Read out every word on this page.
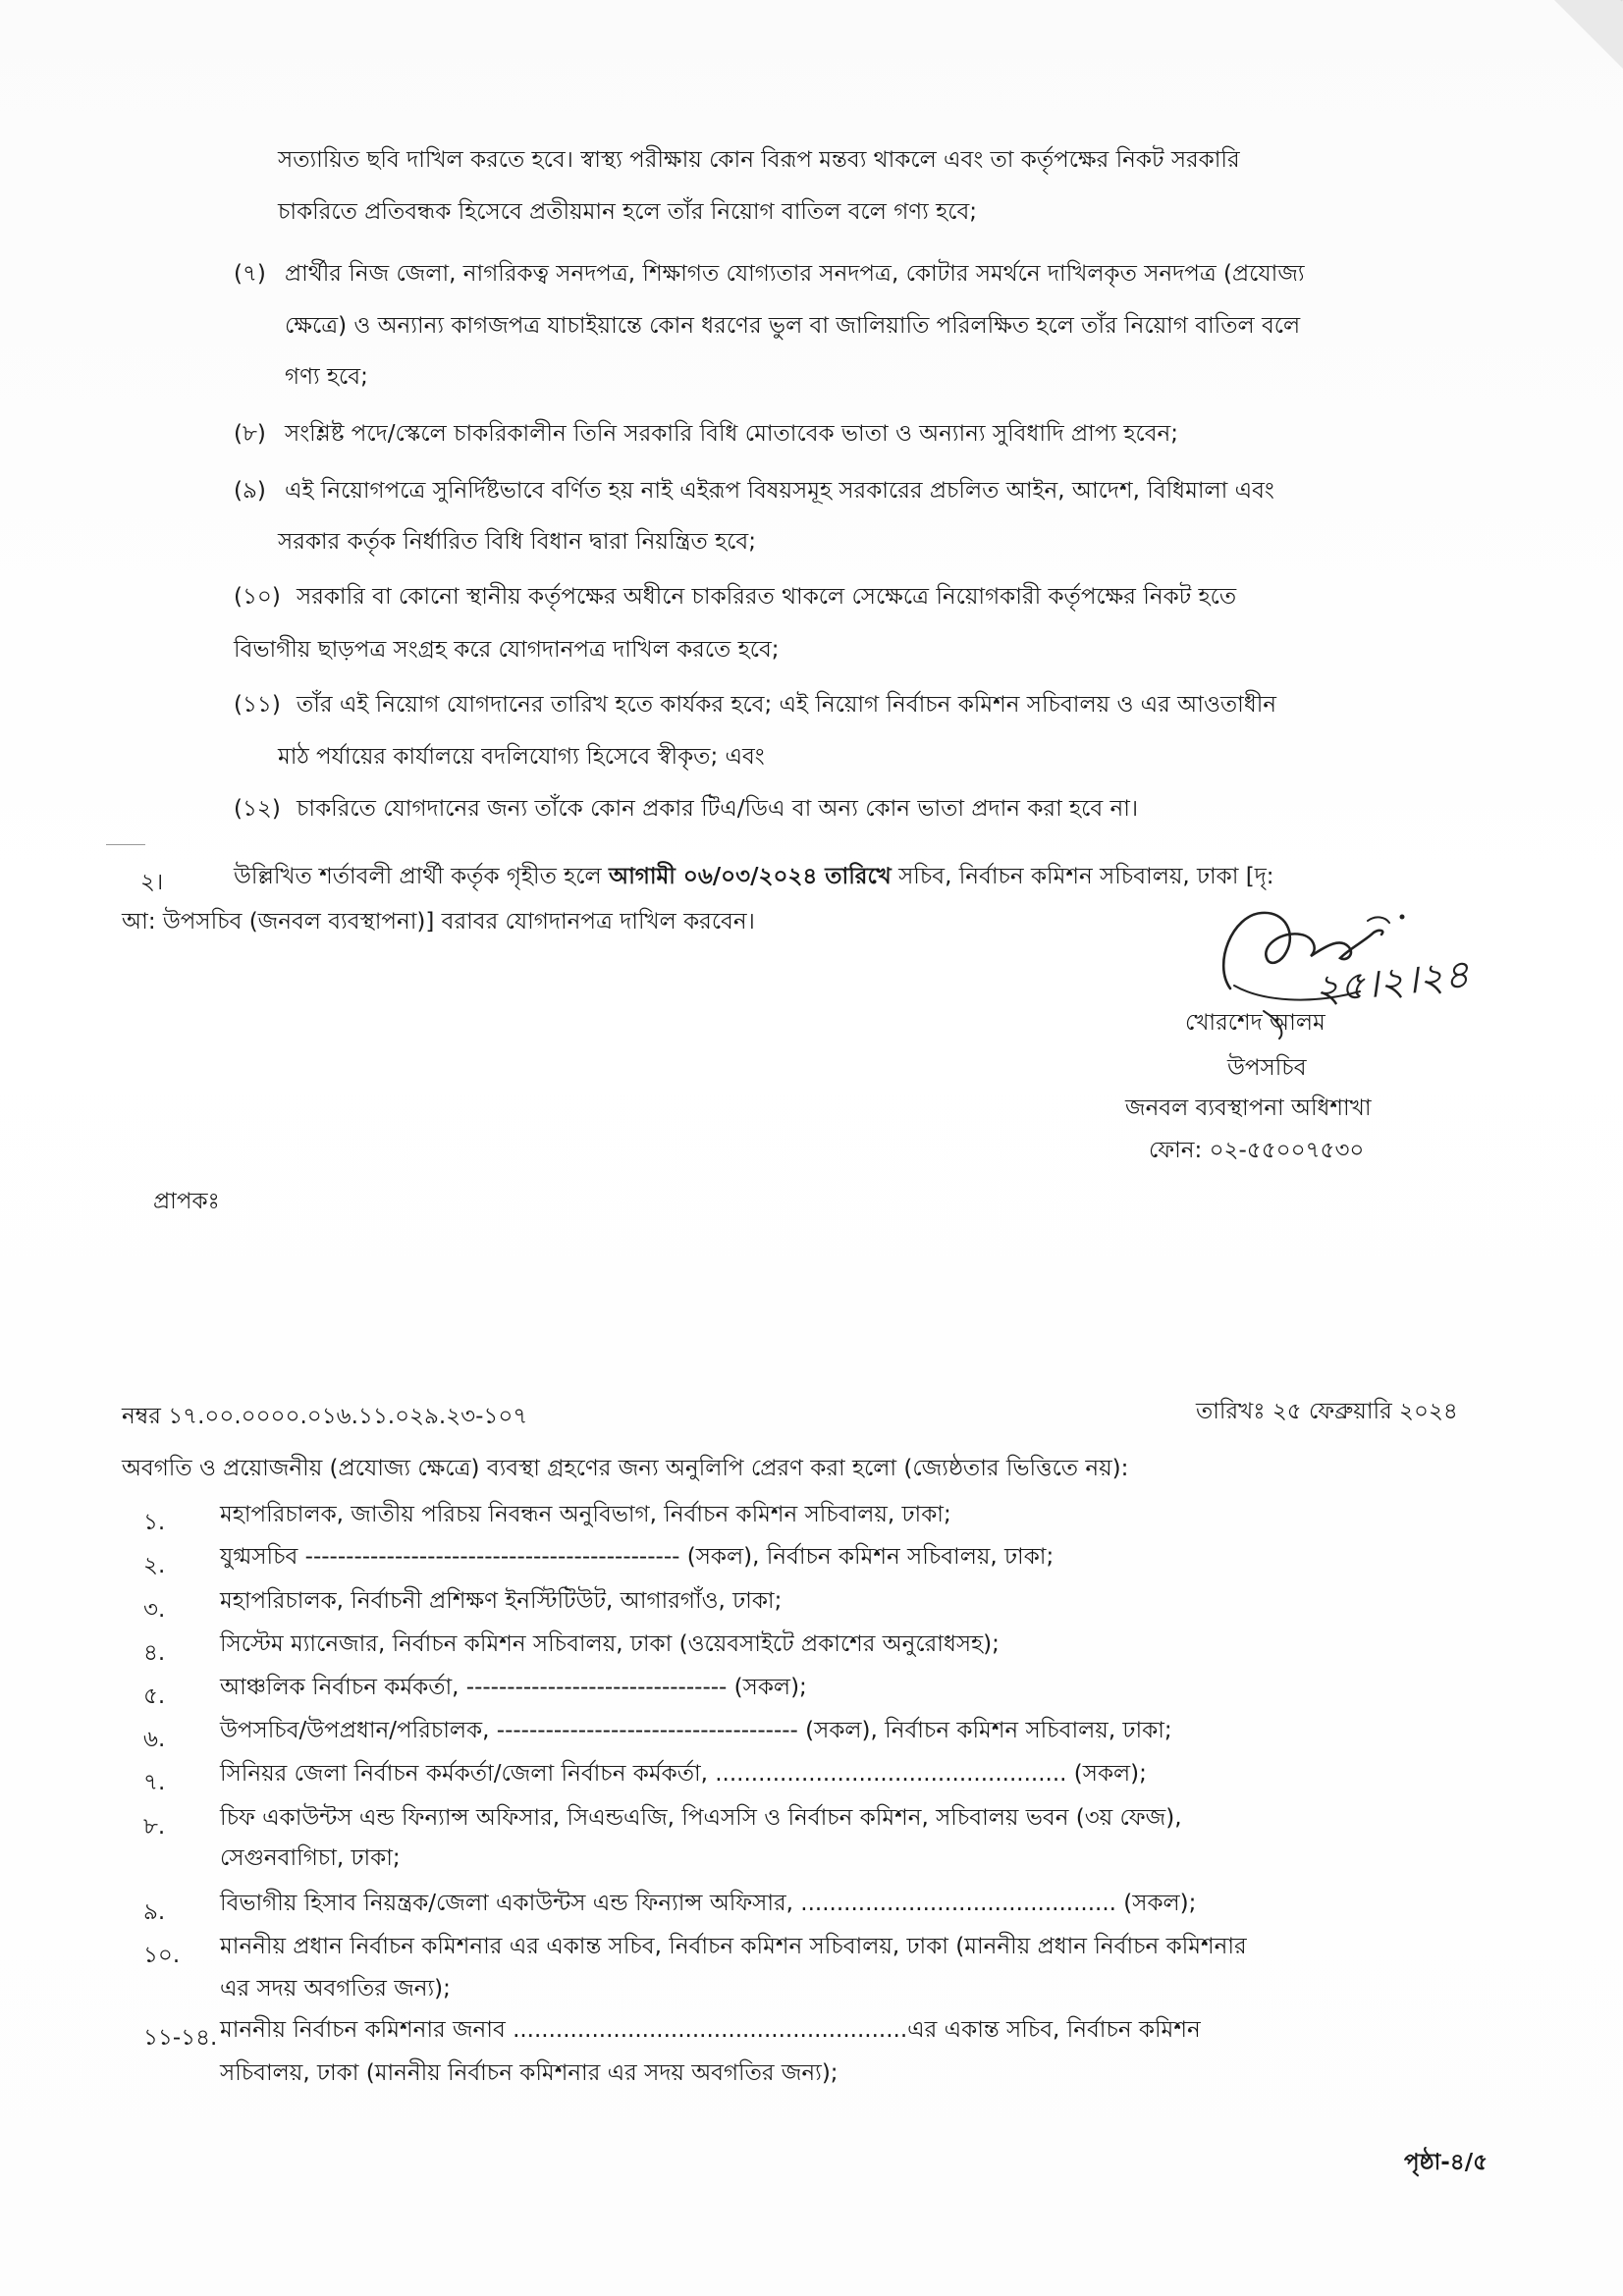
সত্যায়িত ছবি দাখিল করতে হবে। স্বাস্থ্য পরীক্ষায় কোন বিরূপ মন্তব্য থাকলে এবং তা কর্তৃপক্ষের নিকট সরকারি
চাকরিতে প্রতিবন্ধক হিসেবে প্রতীয়মান হলে তাঁর নিয়োগ বাতিল বলে গণ্য হবে;
(৭) প্রার্থীর নিজ জেলা, নাগরিকত্ব সনদপত্র, শিক্ষাগত যোগ্যতার সনদপত্র, কোটার সমর্থনে দাখিলকৃত সনদপত্র (প্রযোজ্য
ক্ষেত্রে) ও অন্যান্য কাগজপত্র যাচাইয়ান্তে কোন ধরণের ভুল বা জালিয়াতি পরিলক্ষিত হলে তাঁর নিয়োগ বাতিল বলে
গণ্য হবে;
(৮) সংশ্লিষ্ট পদে/স্কেলে চাকরিকালীন তিনি সরকারি বিধি মোতাবেক ভাতা ও অন্যান্য সুবিধাদি প্রাপ্য হবেন;
(৯) এই নিয়োগপত্রে সুনির্দিষ্টভাবে বর্ণিত হয় নাই এইরূপ বিষয়সমূহ সরকারের প্রচলিত আইন, আদেশ, বিধিমালা এবং
সরকার কর্তৃক নির্ধারিত বিধি বিধান দ্বারা নিয়ন্ত্রিত হবে;
(১০) সরকারি বা কোনো স্থানীয় কর্তৃপক্ষের অধীনে চাকরিরত থাকলে সেক্ষেত্রে নিয়োগকারী কর্তৃপক্ষের নিকট হতে
বিভাগীয় ছাড়পত্র সংগ্রহ করে যোগদানপত্র দাখিল করতে হবে;
(১১) তাঁর এই নিয়োগ যোগদানের তারিখ হতে কার্যকর হবে; এই নিয়োগ নির্বাচন কমিশন সচিবালয় ও এর আওতাধীন
মাঠ পর্যায়ের কার্যালয়ে বদলিযোগ্য হিসেবে স্বীকৃত; এবং
(১২) চাকরিতে যোগদানের জন্য তাঁকে কোন প্রকার টিএ/ডিএ বা অন্য কোন ভাতা প্রদান করা হবে না।
২।	উল্লিখিত শর্তাবলী প্রার্থী কর্তৃক গৃহীত হলে আগামী ০৬/০৩/২০২৪ তারিখে সচিব, নির্বাচন কমিশন সচিবালয়, ঢাকা [দৃ:
আ: উপসচিব (জনবল ব্যবস্থাপনা)] বরাবর যোগদানপত্র দাখিল করবেন।
২৫।২।২৪
খোরশেদ আলম
উপসচিব
জনবল ব্যবস্থাপনা অধিশাখা
ফোন: ০২-৫৫০০৭৫৩০
প্রাপকঃ
নম্বর ১৭.০০.০০০০.০১৬.১১.০২৯.২৩-১০৭	তারিখঃ ২৫ ফেব্রুয়ারি ২০২৪
অবগতি ও প্রয়োজনীয় (প্রযোজ্য ক্ষেত্রে) ব্যবস্থা গ্রহণের জন্য অনুলিপি প্রেরণ করা হলো (জ্যেষ্ঠতার ভিত্তিতে নয়):
১. মহাপরিচালক, জাতীয় পরিচয় নিবন্ধন অনুবিভাগ, নির্বাচন কমিশন সচিবালয়, ঢাকা;
২. যুগ্মসচিব ---------------------------------------------- (সকল), নির্বাচন কমিশন সচিবালয়, ঢাকা;
৩. মহাপরিচালক, নির্বাচনী প্রশিক্ষণ ইনস্টিটিউট, আগারগাঁও, ঢাকা;
৪. সিস্টেম ম্যানেজার, নির্বাচন কমিশন সচিবালয়, ঢাকা (ওয়েবসাইটে প্রকাশের অনুরোধসহ);
৫. আঞ্চলিক নির্বাচন কর্মকর্তা, -------------------------------- (সকল);
৬. উপসচিব/উপপ্রধান/পরিচালক, ------------------------------------- (সকল), নির্বাচন কমিশন সচিবালয়, ঢাকা;
৭. সিনিয়র জেলা নির্বাচন কর্মকর্তা/জেলা নির্বাচন কর্মকর্তা, ................................................. (সকল);
৮. চিফ একাউন্টস এন্ড ফিন্যান্স অফিসার, সিএন্ডএজি, পিএসসি ও নির্বাচন কমিশন, সচিবালয় ভবন (৩য় ফেজ),
সেগুনবাগিচা, ঢাকা;
৯. বিভাগীয় হিসাব নিয়ন্ত্রক/জেলা একাউন্টস এন্ড ফিন্যান্স অফিসার, ............................................ (সকল);
১০. মাননীয় প্রধান নির্বাচন কমিশনার এর একান্ত সচিব, নির্বাচন কমিশন সচিবালয়, ঢাকা (মাননীয় প্রধান নির্বাচন কমিশনার
এর সদয় অবগতির জন্য);
১১-১৪. মাননীয় নির্বাচন কমিশনার জনাব .......................................................এর একান্ত সচিব, নির্বাচন কমিশন
সচিবালয়, ঢাকা (মাননীয় নির্বাচন কমিশনার এর সদয় অবগতির জন্য);
পৃষ্ঠা-৪/৫
